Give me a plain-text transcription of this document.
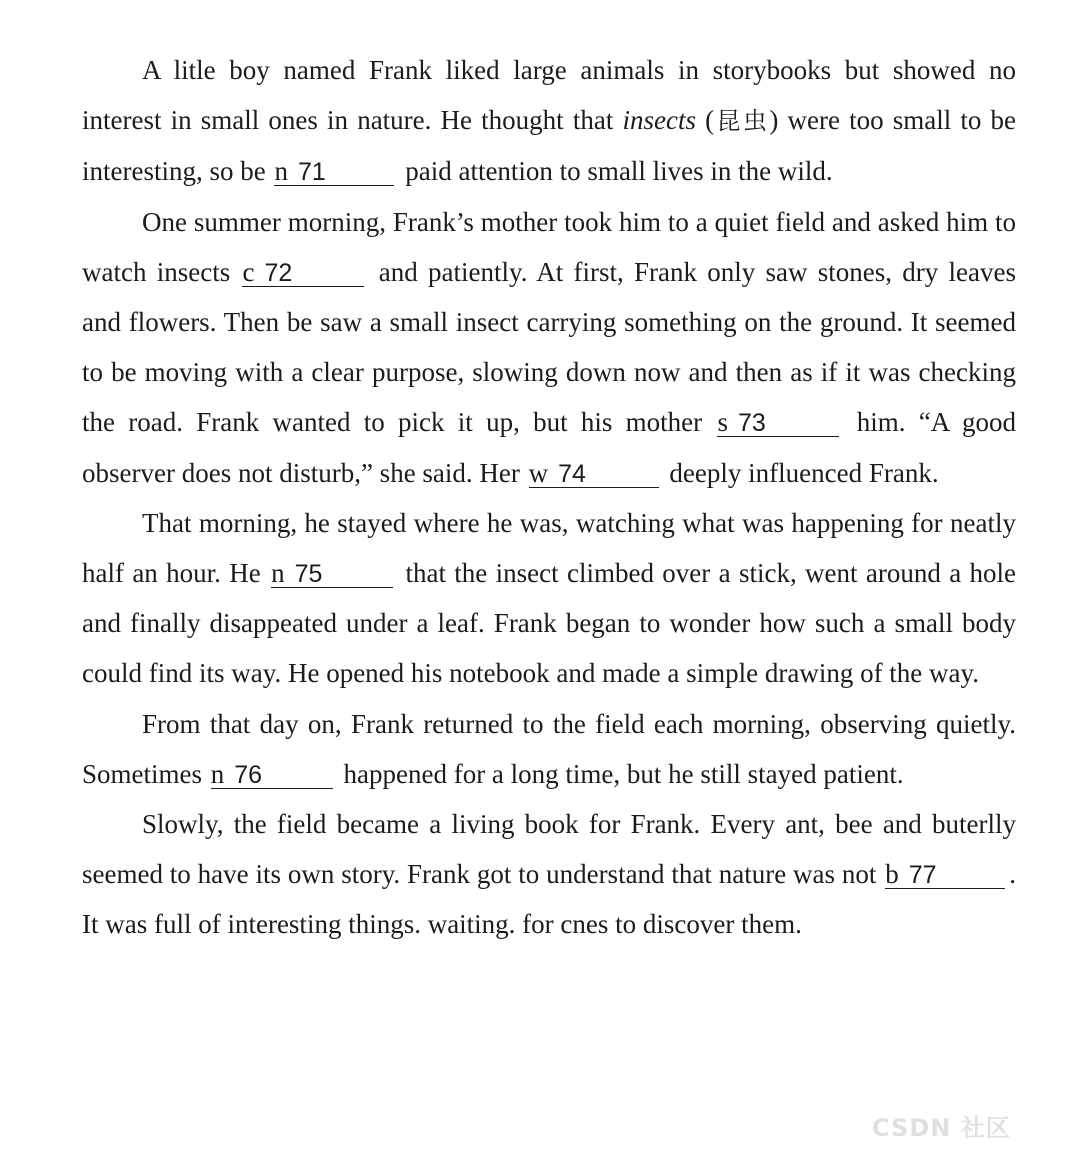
A litle boy named Frank liked large animals in storybooks but showed no interest in small ones in nature. He thought that insects (昆虫) were too small to be interesting, so be n 71	paid attention to small lives in the wild.

One summer morning, Frank’s mother took him to a quiet field and asked him to watch insects c 72	and patiently. At first, Frank only saw stones, dry leaves and flowers. Then be saw a small insect carrying something on the ground. It seemed to be moving with a clear purpose, slowing down now and then as if it was checking the road. Frank wanted to pick it up, but his mother s 73	him. “A good observer does not disturb,” she said. Her w 74	deeply influenced Frank.

That morning, he stayed where he was, watching what was happening for neatly half an hour. He n 75	that the insect climbed over a stick, went around a hole and finally disappeated under a leaf. Frank began to wonder how such a small body could find its way. He opened his notebook and made a simple drawing of the way.

From that day on, Frank returned to the field each morning, observing quietly. Sometimes n 76	happened for a long time, but he still stayed patient.

Slowly, the field became a living book for Frank. Every ant, bee and buterlly seemed to have its own story. Frank got to understand that nature was not b 77	. It was full of interesting things. waiting. for cnes to discover them.

CSDN 社区
